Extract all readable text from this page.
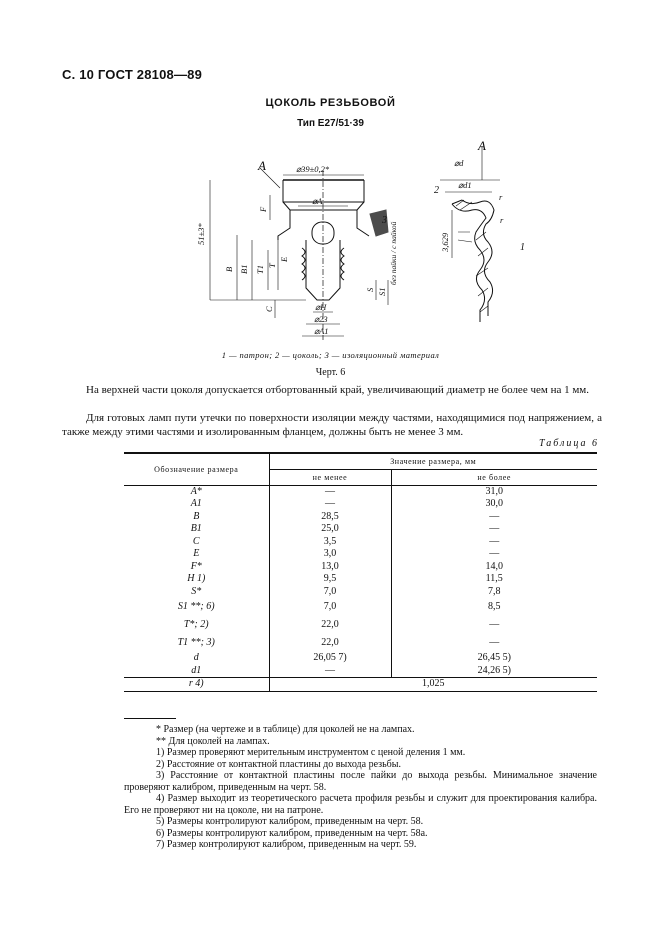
С. 10 ГОСТ 28108—89
ЦОКОЛЬ РЕЗЬБОВОЙ
Тип Е27/51·39
A	⌀39±0,2*
⌀A
⌀H
⌀23
⌀A1
51±3*
B B1 T1 T
E
F
C
S S1
без пайки / с пайкой
A
⌀d
⌀d1
3,629
r
r
3
2
1
1 — патрон; 2 — цоколь; 3 — изоляционный материал
Черт. 6
На верхней части цоколя допускается отбортованный край, увеличивающий диаметр не более чем на 1 мм.
Для готовых ламп пути утечки по поверхности изоляции между частями, находящимися под напряжением, а также между этими частями и изолированным фланцем, должны быть не менее 3 мм.
Таблица 6
Обозначение размера	Значение размера, мм	
	не менее	не более
A*	—	31,0
A1	—	30,0
B	28,5	—
B1	25,0	—
C	3,5	—
E	3,0	—
F*	13,0	14,0
H 1)	9,5	11,5
S*	7,0	7,8
S1 **; 6)	7,0	8,5
T*; 2)	22,0	—
T1 **; 3)	22,0	—
d	26,05 7)	26,45 5)
d1	—	24,26 5)
r 4)	1,025	
* Размер (на чертеже и в таблице) для цоколей не на лампах.
** Для цоколей на лампах.
1) Размер проверяют мерительным инструментом с ценой деления 1 мм.
2) Расстояние от контактной пластины до выхода резьбы.
3) Расстояние от контактной пластины после пайки до выхода резьбы. Минимальное значение проверяют калибром, приведенным на черт. 58.
4) Размер выходит из теоретического расчета профиля резьбы и служит для проектирования калибра. Его не проверяют ни на цоколе, ни на патроне.
5) Размеры контролируют калибром, приведенным на черт. 58.
6) Размеры контролируют калибром, приведенным на черт. 58а.
7) Размер контролируют калибром, приведенным на черт. 59.
